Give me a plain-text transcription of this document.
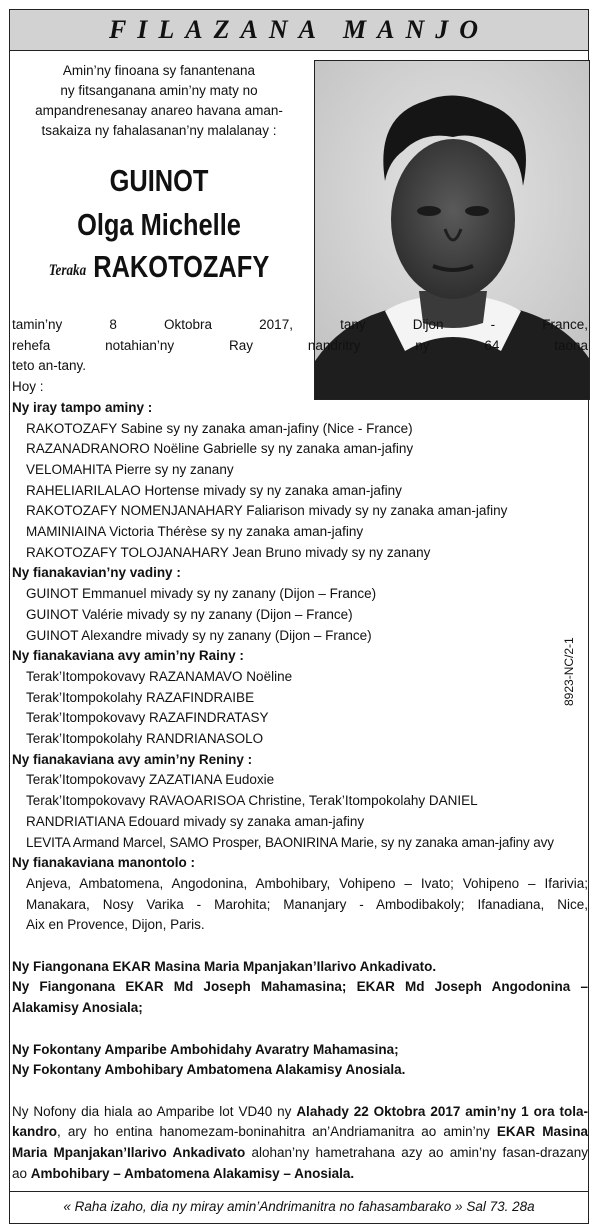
FILAZANA MANJO
Amin’ny finoana sy fanantenana
ny fitsanganana amin’ny maty no
ampandrenesanay anareo havana aman-
tsakaiza ny fahalasanan’ny malalanay :
GUINOT
Olga Michelle
Teraka RAKOTOZAFY
tamin’ny 8 Oktobra 2017, tany Dijon - France,
rehefa notahian’ny Ray nandritry ny 64 taona
teto an-tany.
Hoy :
Ny iray tampo aminy :
RAKOTOZAFY Sabine sy ny zanaka aman-jafiny (Nice - France)
RAZANADRANORO Noëline Gabrielle sy ny zanaka aman-jafiny
VELOMAHITA Pierre sy ny zanany
RAHELIARILALAO Hortense mivady sy ny zanaka aman-jafiny
RAKOTOZAFY NOMENJANAHARY Faliarison mivady sy ny zanaka aman-jafiny
MAMINIAINA Victoria Thérèse sy ny zanaka aman-jafiny
RAKOTOZAFY TOLOJANAHARY Jean Bruno mivady sy ny zanany
Ny fianakavian’ny vadiny :
GUINOT Emmanuel mivady sy ny zanany (Dijon – France)
GUINOT Valérie mivady sy ny zanany (Dijon – France)
GUINOT Alexandre mivady sy ny zanany (Dijon – France)
Ny fianakaviana avy amin’ny Rainy :
Terak’Itompokovavy RAZANAMAVO Noëline
Terak’Itompokolahy RAZAFINDRAIBE
Terak’Itompokovavy RAZAFINDRATASY
Terak’Itompokolahy RANDRIANASOLO
Ny fianakaviana avy amin’ny Reniny :
Terak’Itompokovavy ZAZATIANA Eudoxie
Terak’Itompokovavy RAVAOARISOA Christine, Terak’Itompokolahy DANIEL
RANDRIATIANA Edouard mivady sy zanaka aman-jafiny
LEVITA Armand Marcel, SAMO Prosper, BAONIRINA Marie, sy ny zanaka aman-jafiny avy
Ny fianakaviana manontolo :
Anjeva, Ambatomena, Angodonina, Ambohibary, Vohipeno – Ivato; Vohipeno – Ifarivia;
Manakara, Nosy Varika - Marohita; Mananjary - Ambodibakoly; Ifanadiana, Nice,
Aix en Provence, Dijon, Paris.
Ny Fiangonana EKAR Masina Maria Mpanjakan’Ilarivo Ankadivato.
Ny Fiangonana EKAR Md Joseph Mahamasina; EKAR Md Joseph Angodonina –
Alakamisy Anosiala;
Ny Fokontany Amparibe Ambohidahy Avaratry Mahamasina;
Ny Fokontany Ambohibary Ambatomena Alakamisy Anosiala.
Ny Nofony dia hiala ao Amparibe lot VD40 ny Alahady 22 Oktobra 2017 amin’ny 1 ora tola-
kandro, ary ho entina hanomezam-boninahitra an’Andriamanitra ao amin’ny EKAR Masina
Maria Mpanjakan’Ilarivo Ankadivato alohan’ny hametrahana azy ao amin’ny fasan-drazany
ao Ambohibary – Ambatomena Alakamisy – Anosiala.
8923-NC/2-1
« Raha izaho, dia ny miray amin’Andrimanitra no fahasambarako » Sal 73. 28a
